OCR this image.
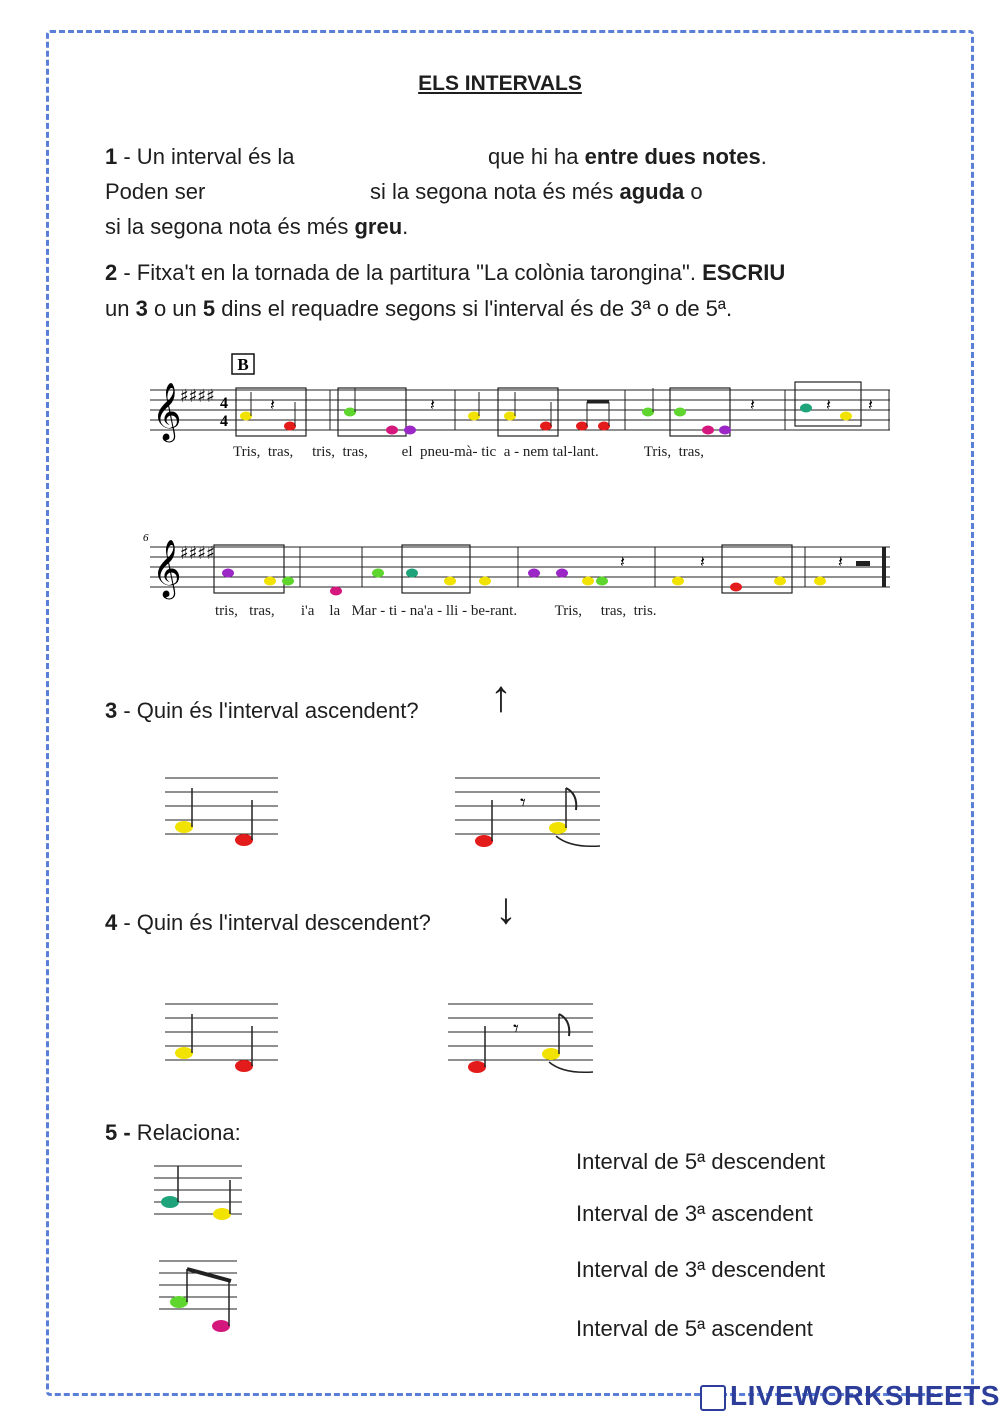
ELS INTERVALS
1 - Un interval és la	que hi ha entre dues notes.
Poden ser	si la segona nota és més aguda o
si la segona nota és més greu.
2 - Fitxa't en la tornada de la partitura "La colònia tarongina". ESCRIU
un 3 o un 5 dins el requadre segons si l'interval és de 3ª o de 5ª.
B
𝄞
♯♯♯♯ 4
4
𝄽	𝄽	𝄽	𝄽 𝄽
Tris, tras, tris, tras, el pneu-mà- tic a - nem tal-lant.	Tris, tras,
6
𝄞
♯♯♯♯	𝄽	𝄽	𝄽
tris, tras, i'a la Mar - ti - na'a - lli - be-rant.	Tris, tras, tris.
3 - Quin és l'interval ascendent? ↑
𝄾
4 - Quin és l'interval descendent? ↓
𝄾
5 - Relaciona:
Interval de 5ª descendent
Interval de 3ª ascendent
Interval de 3ª descendent
Interval de 5ª ascendent
LIVEWORKSHEETS
